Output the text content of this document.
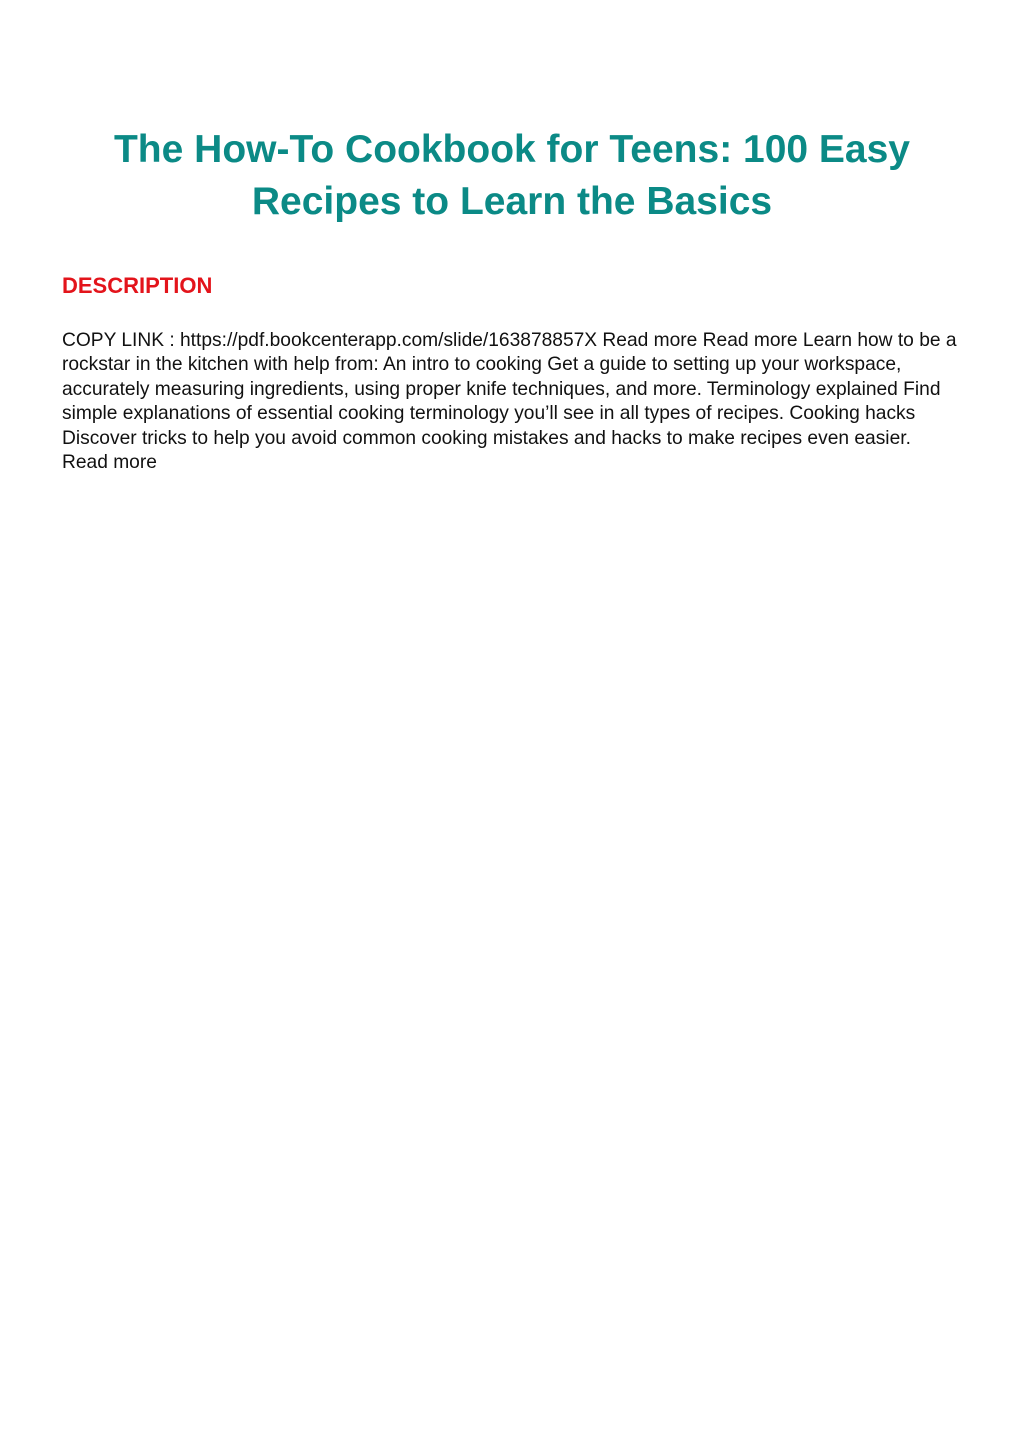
The How-To Cookbook for Teens: 100 Easy Recipes to Learn the Basics
DESCRIPTION

COPY LINK : https://pdf.bookcenterapp.com/slide/163878857X Read more Read more Learn how to be a rockstar in the kitchen with help from: An intro to cooking Get a guide to setting up your workspace, accurately measuring ingredients, using proper knife techniques, and more. Terminology explained Find simple explanations of essential cooking terminology you’ll see in all types of recipes. Cooking hacks Discover tricks to help you avoid common cooking mistakes and hacks to make recipes even easier. Read more
